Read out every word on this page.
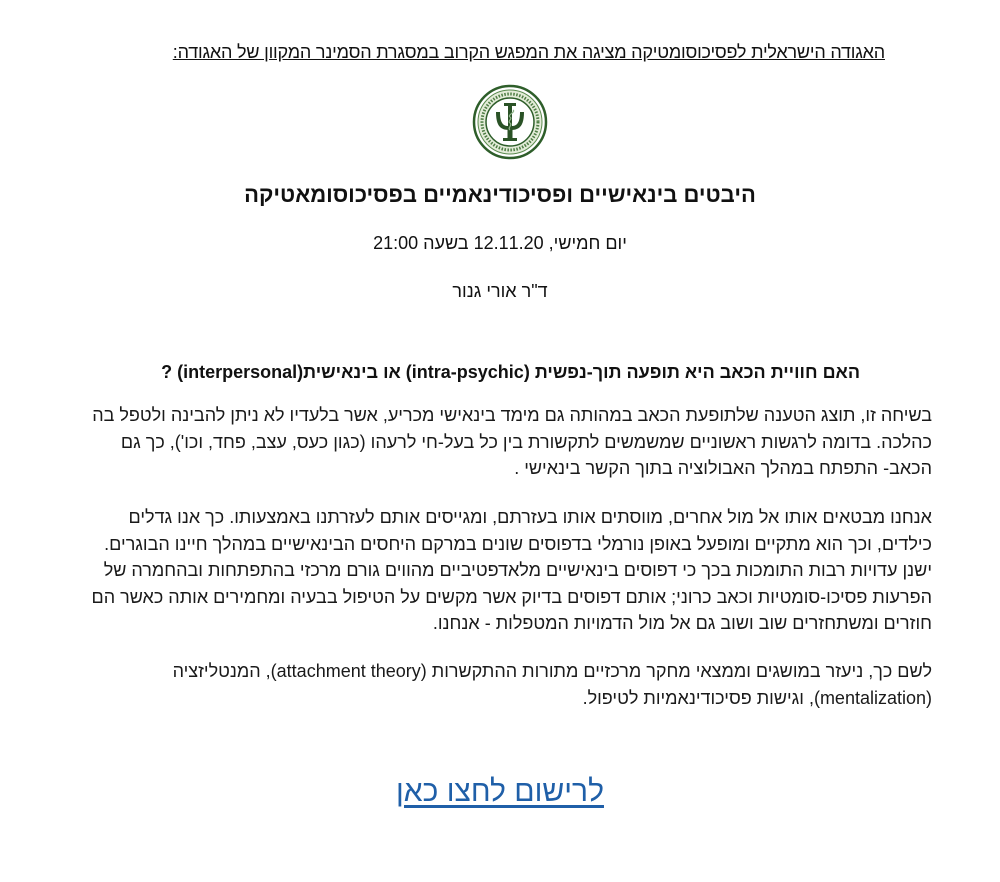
האגודה הישראלית לפסיכוסומטיקה מציגה את המפגש הקרוב במסגרת הסמינר המקוון של האגודה:
היבטים בינאישיים ופסיכודינאמיים בפסיכוסומאטיקה
יום חמישי, 12.11.20 בשעה 21:00
ד"ר אורי גנור
האם חוויית הכאב היא תופעה תוך-נפשית (intra-psychic) או בינאישית(interpersonal) ?

בשיחה זו, תוצג הטענה שלתופעת הכאב במהותה גם מימד בינאישי מכריע, אשר בלעדיו לא ניתן להבינה ולטפל בה כהלכה. בדומה לרגשות ראשוניים שמשמשים לתקשורת בין כל בעל-חי לרעהו (כגון כעס, עצב, פחד, וכו'), כך גם הכאב- התפתח במהלך האבולוציה בתוך הקשר בינאישי .

אנחנו מבטאים אותו אל מול אחרים, מווסתים אותו בעזרתם, ומגייסים אותם לעזרתנו באמצעותו. כך אנו גדלים כילדים, וכך הוא מתקיים ומופעל באופן נורמלי בדפוסים שונים במרקם היחסים הבינאישיים במהלך חיינו הבוגרים. ישנן עדויות רבות התומכות בכך כי דפוסים בינאישיים מלאדפטיביים מהווים גורם מרכזי בהתפתחות ובהחמרה של הפרעות פסיכו-סומטיות וכאב כרוני; אותם דפוסים בדיוק אשר מקשים על הטיפול בבעיה ומחמירים אותה כאשר הם חוזרים ומשתחזרים שוב ושוב גם אל מול הדמויות המטפלות - אנחנו.

לשם כך, ניעזר במושגים וממצאי מחקר מרכזיים מתורות ההתקשרות (attachment theory), המנטליזציה (mentalization), וגישות פסיכודינאמיות לטיפול.

לרישום לחצו כאן
